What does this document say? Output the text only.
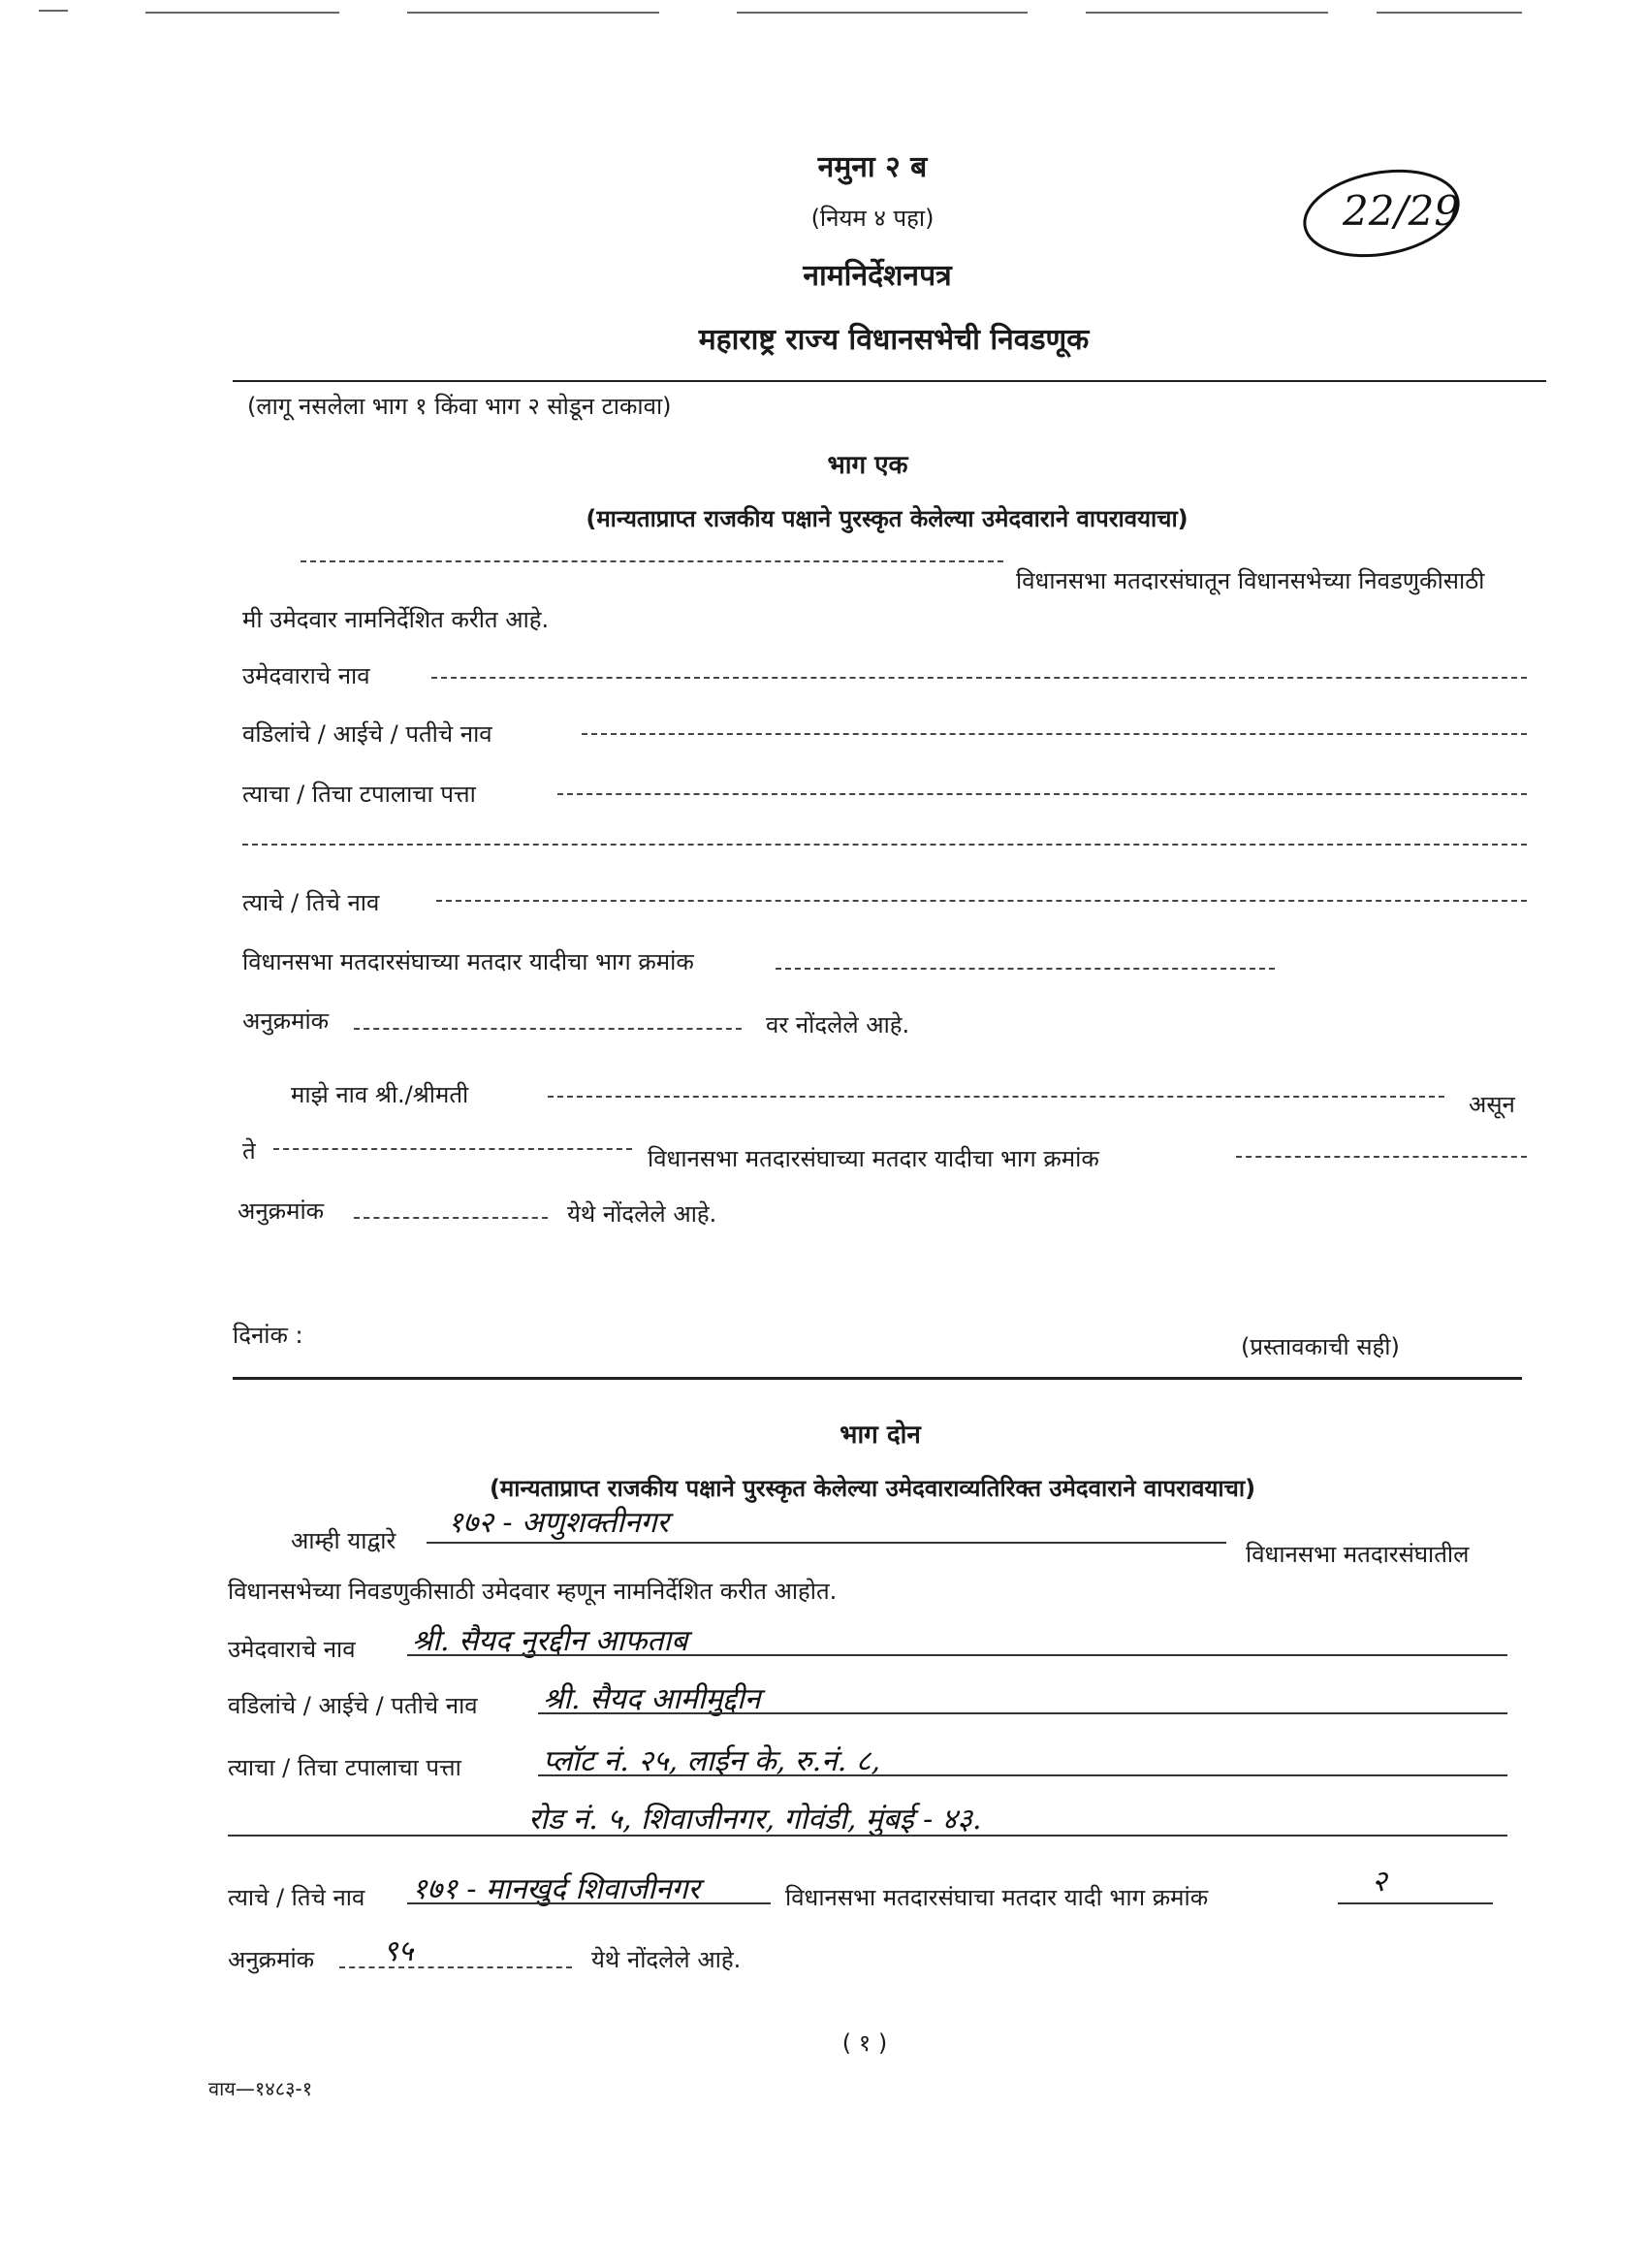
नमुना २ ब
(नियम ४ पहा)
नामनिर्देशनपत्र
महाराष्ट्र राज्य विधानसभेची निवडणूक
22/29
(लागू नसलेला भाग १ किंवा भाग २ सोडून टाकावा)
भाग एक
(मान्यताप्राप्त राजकीय पक्षाने पुरस्कृत केलेल्या उमेदवाराने वापरावयाचा)
विधानसभा मतदारसंघातून विधानसभेच्या निवडणुकीसाठी
मी उमेदवार नामनिर्देशित करीत आहे.
उमेदवाराचे नाव
वडिलांचे / आईचे / पतीचे नाव
त्याचा / तिचा टपालाचा पत्ता
त्याचे / तिचे नाव
विधानसभा मतदारसंघाच्या मतदार यादीचा भाग क्रमांक
अनुक्रमांक	वर नोंदलेले आहे.
माझे नाव श्री./श्रीमती	असून
ते	विधानसभा मतदारसंघाच्या मतदार यादीचा भाग क्रमांक
अनुक्रमांक	येथे नोंदलेले आहे.
दिनांक :	(प्रस्तावकाची सही)
भाग दोन
(मान्यताप्राप्त राजकीय पक्षाने पुरस्कृत केलेल्या उमेदवाराव्यतिरिक्त उमेदवाराने वापरावयाचा)
आम्ही याद्वारे
१७२ - अणुशक्तीनगर
विधानसभा मतदारसंघातील
विधानसभेच्या निवडणुकीसाठी उमेदवार म्हणून नामनिर्देशित करीत आहोत.
उमेदवाराचे नाव श्री. सैयद नुरद्दीन आफताब
वडिलांचे / आईचे / पतीचे नाव श्री. सैयद आमीमुद्दीन
त्याचा / तिचा टपालाचा पत्ता	प्लॉट नं. २५, लाईन के, रु.नं. ८,
रोड नं. ५, शिवाजीनगर, गोवंडी, मुंबई - ४३.
त्याचे / तिचे नाव १७१ - मानखुर्द शिवाजीनगर	विधानसभा मतदारसंघाचा मतदार यादी भाग क्रमांक	२
अनुक्रमांक ९५	येथे नोंदलेले आहे.
( १ )
वाय—१४८३-१
